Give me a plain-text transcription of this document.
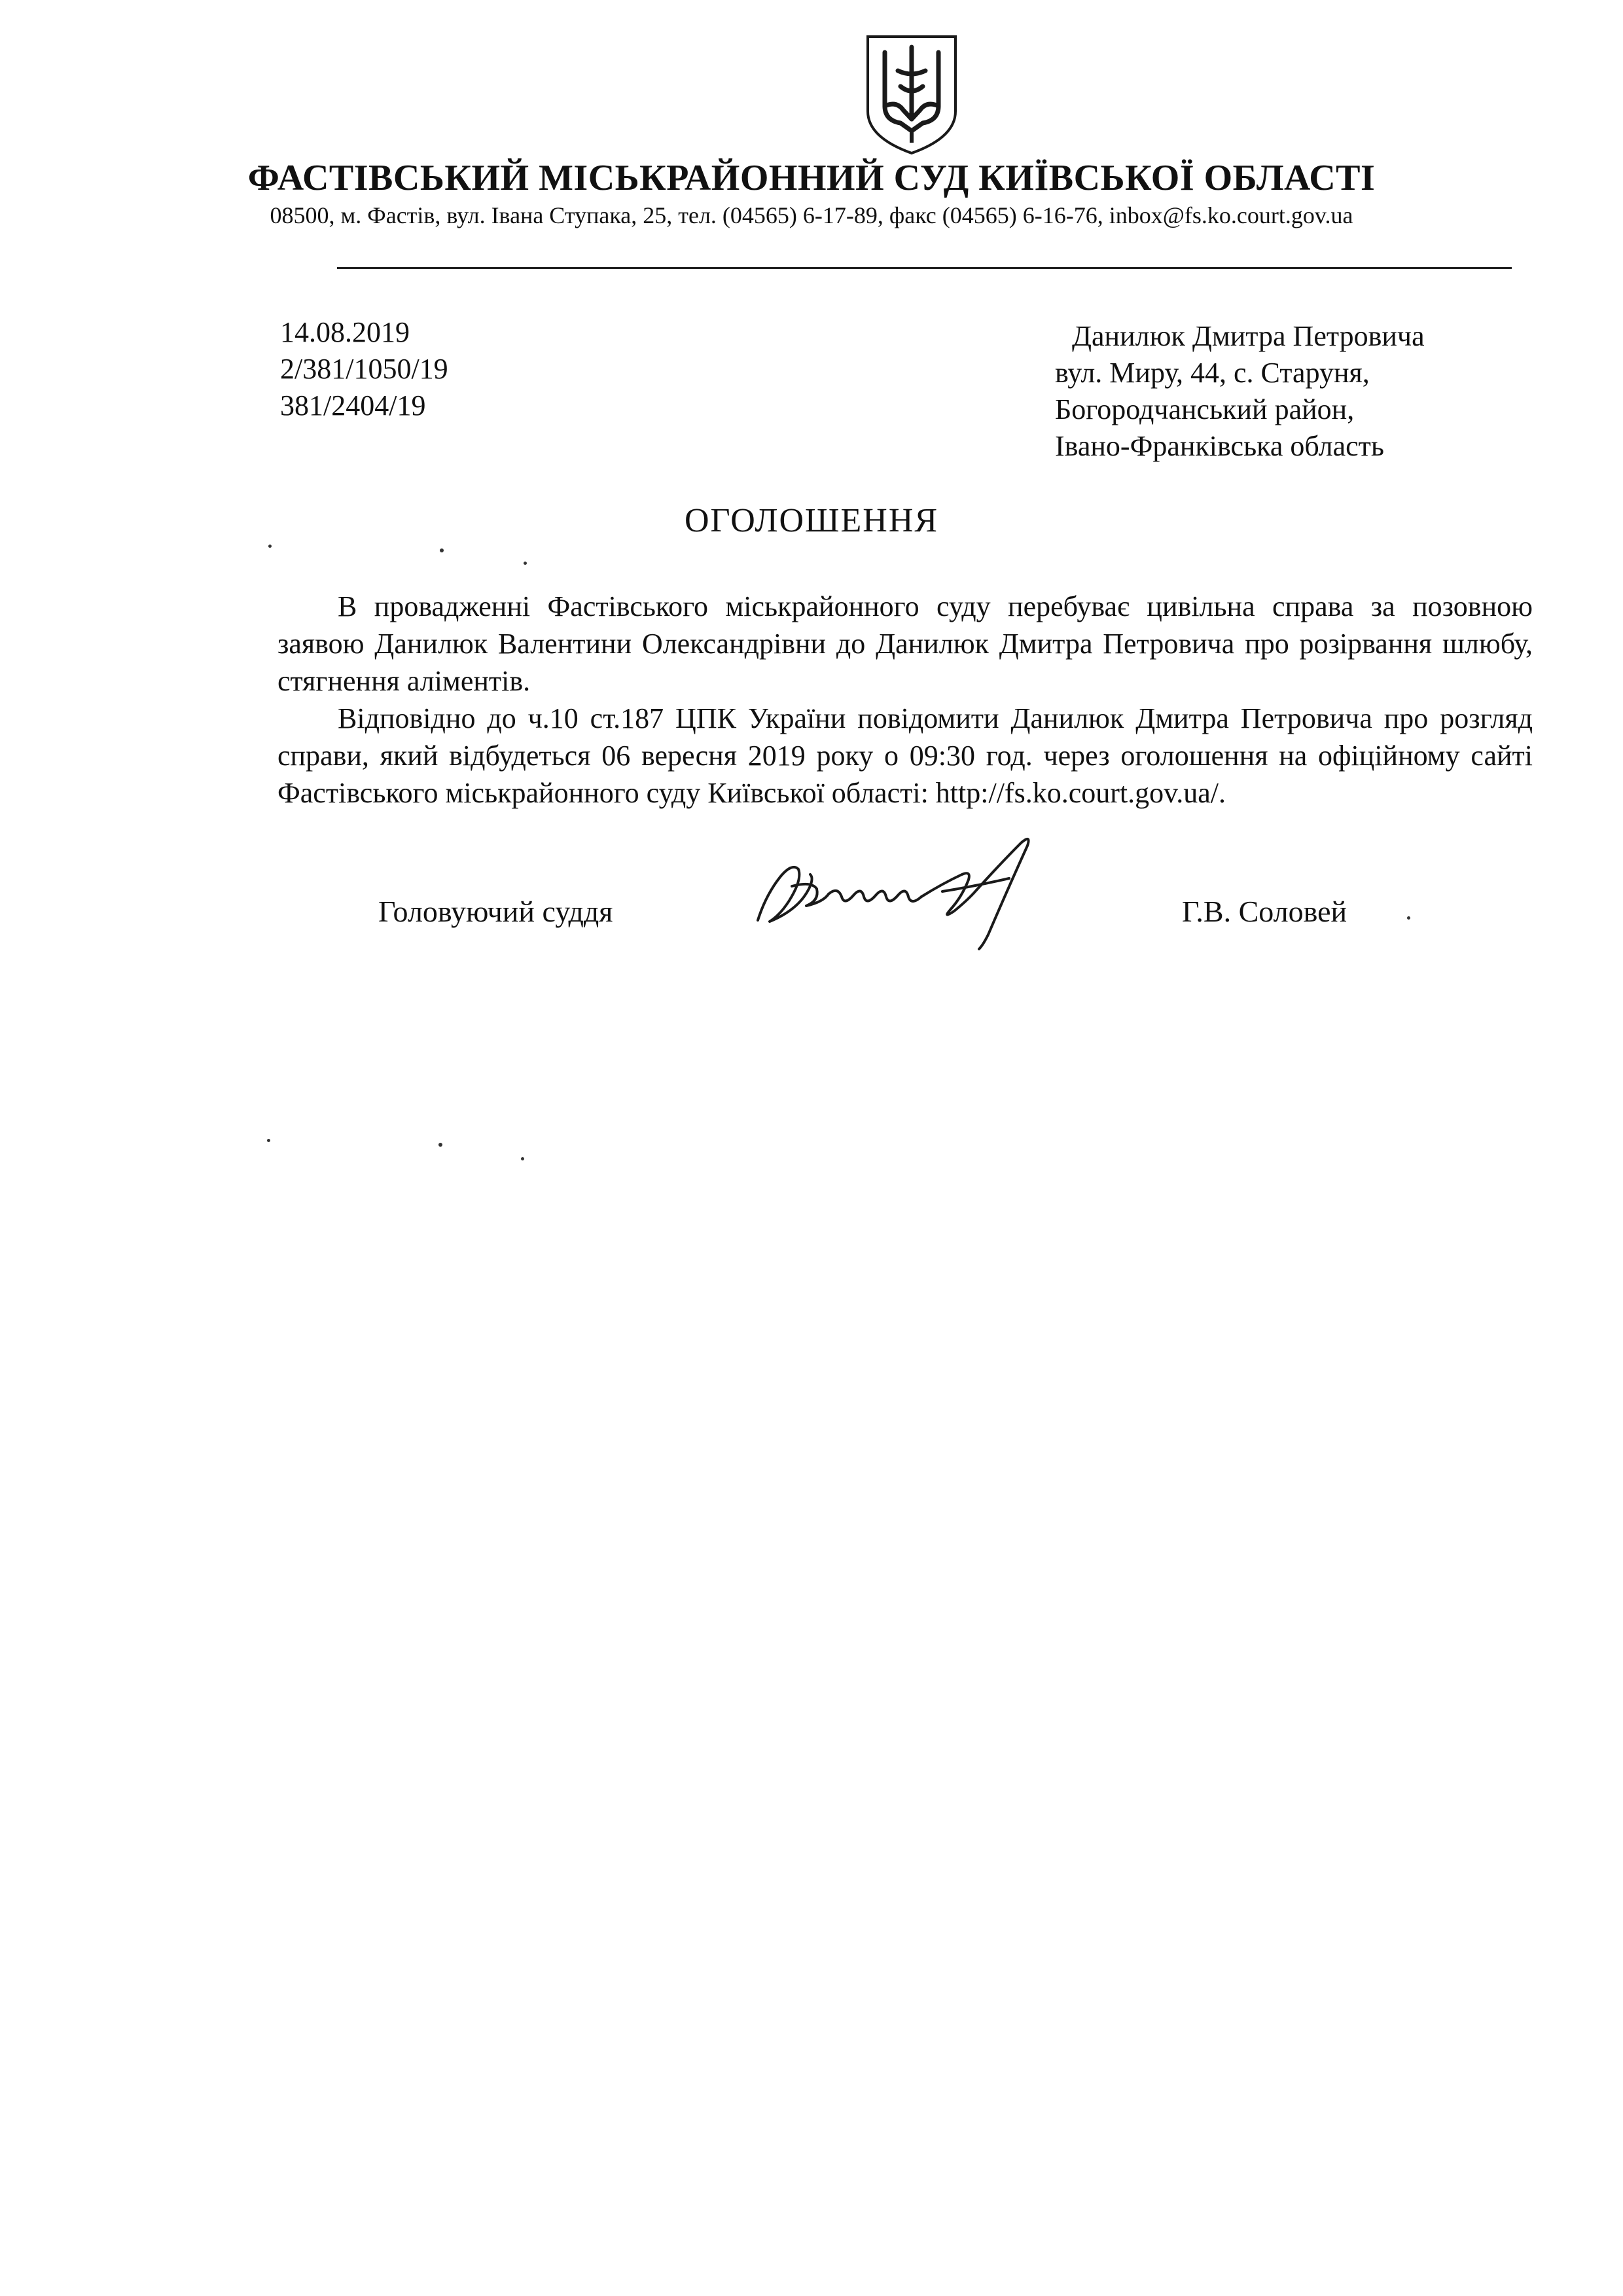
ФАСТІВСЬКИЙ МІСЬКРАЙОННИЙ СУД КИЇВСЬКОЇ ОБЛАСТІ
08500, м. Фастів, вул. Івана Ступака, 25, тел. (04565) 6-17-89, факс (04565) 6-16-76, inbox@fs.ko.court.gov.ua
14.08.2019
2/381/1050/19
381/2404/19
Данилюк Дмитра Петровича
вул. Миру, 44, с. Старуня,
Богородчанський район,
Івано-Франківська область
ОГОЛОШЕННЯ

В провадженні Фастівського міськрайонного суду перебуває цивільна справа за позовною заявою Данилюк Валентини Олександрівни до Данилюк Дмитра Петровича про розірвання шлюбу, стягнення аліментів.

Відповідно до ч.10 ст.187 ЦПК України повідомити Данилюк Дмитра Петровича про розгляд справи, який відбудеться 06 вересня 2019 року о 09:30 год. через оголошення на офіційному сайті Фастівського міськрайонного суду Київської області: http://fs.ko.court.gov.ua/.

Головуючий суддя	Г.В. Соловей
